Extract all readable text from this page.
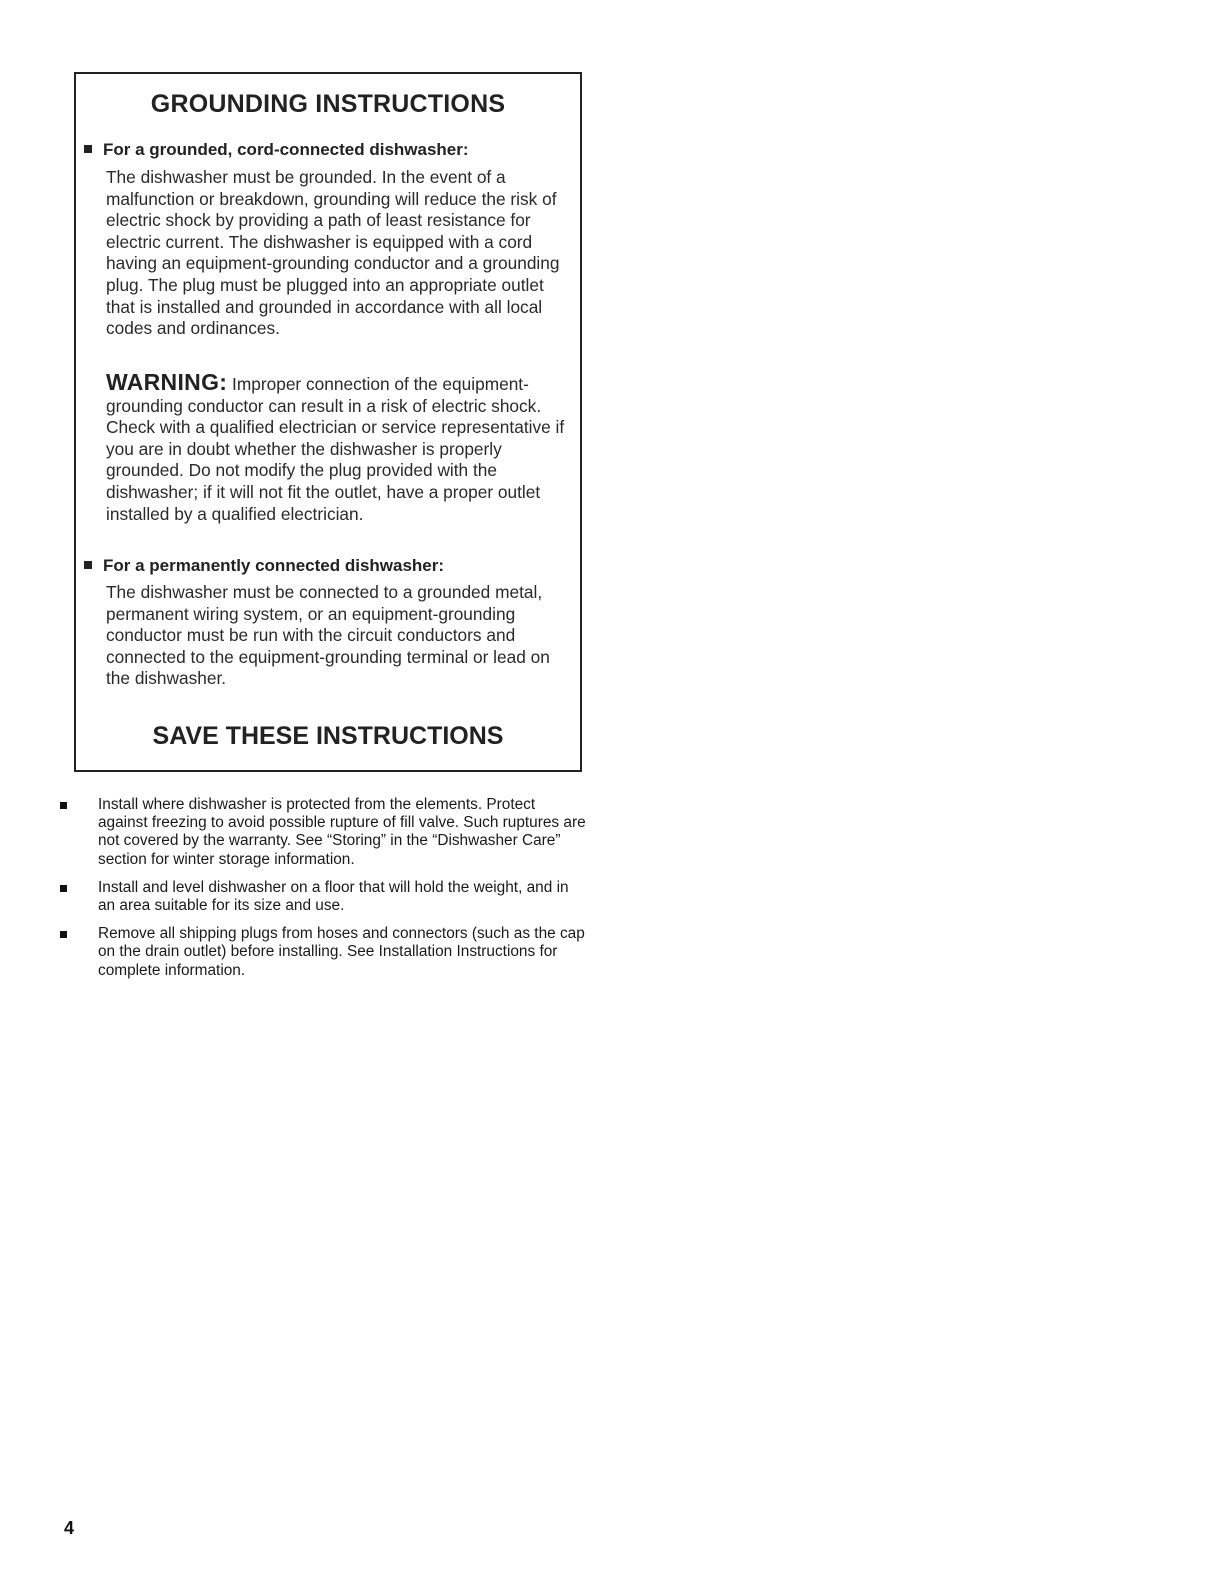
GROUNDING INSTRUCTIONS
For a grounded, cord-connected dishwasher:

The dishwasher must be grounded. In the event of a malfunction or breakdown, grounding will reduce the risk of electric shock by providing a path of least resistance for electric current. The dishwasher is equipped with a cord having an equipment-grounding conductor and a grounding plug. The plug must be plugged into an appropriate outlet that is installed and grounded in accordance with all local codes and ordinances.

WARNING: Improper connection of the equipment-grounding conductor can result in a risk of electric shock. Check with a qualified electrician or service representative if you are in doubt whether the dishwasher is properly grounded. Do not modify the plug provided with the dishwasher; if it will not fit the outlet, have a proper outlet installed by a qualified electrician.

For a permanently connected dishwasher:

The dishwasher must be connected to a grounded metal, permanent wiring system, or an equipment-grounding conductor must be run with the circuit conductors and connected to the equipment-grounding terminal or lead on the dishwasher.

SAVE THESE INSTRUCTIONS
Install where dishwasher is protected from the elements. Protect against freezing to avoid possible rupture of fill valve. Such ruptures are not covered by the warranty. See “Storing” in the “Dishwasher Care” section for winter storage information.
Install and level dishwasher on a floor that will hold the weight, and in an area suitable for its size and use.
Remove all shipping plugs from hoses and connectors (such as the cap on the drain outlet) before installing. See Installation Instructions for complete information.
4
